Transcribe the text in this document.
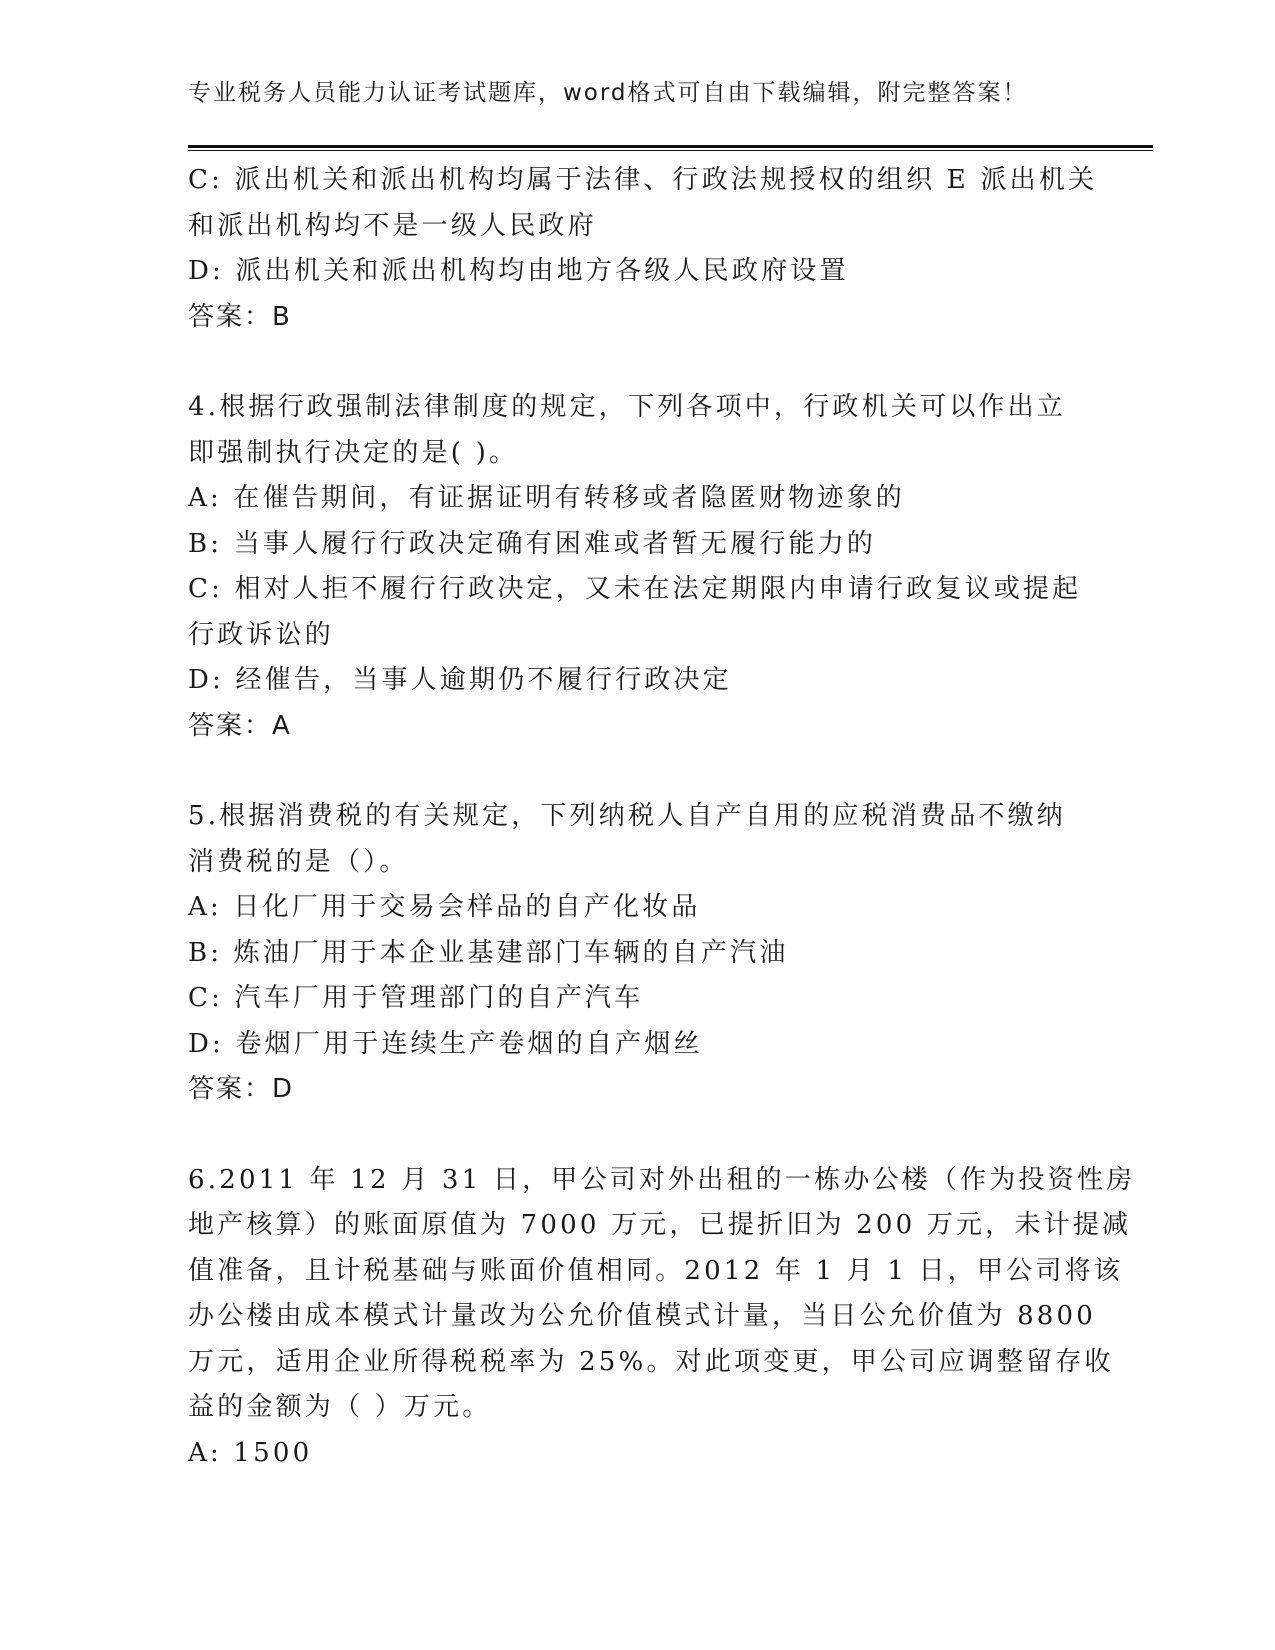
专业税务人员能力认证考试题库，word格式可自由下载编辑，附完整答案！
C: 派出机关和派出机构均属于法律、行政法规授权的组织 E 派出机关
和派出机构均不是一级人民政府
D: 派出机关和派出机构均由地方各级人民政府设置
答案：B
4.根据行政强制法律制度的规定，下列各项中，行政机关可以作出立
即强制执行决定的是( )。
A: 在催告期间，有证据证明有转移或者隐匿财物迹象的
B: 当事人履行行政决定确有困难或者暂无履行能力的
C: 相对人拒不履行行政决定，又未在法定期限内申请行政复议或提起
行政诉讼的
D: 经催告，当事人逾期仍不履行行政决定
答案：A
5.根据消费税的有关规定，下列纳税人自产自用的应税消费品不缴纳
消费税的是（）。
A: 日化厂用于交易会样品的自产化妆品
B: 炼油厂用于本企业基建部门车辆的自产汽油
C: 汽车厂用于管理部门的自产汽车
D: 卷烟厂用于连续生产卷烟的自产烟丝
答案：D
6.2011 年 12 月 31 日，甲公司对外出租的一栋办公楼（作为投资性房
地产核算）的账面原值为 7000 万元，已提折旧为 200 万元，未计提减
值准备，且计税基础与账面价值相同。2012 年 1 月 1 日，甲公司将该
办公楼由成本模式计量改为公允价值模式计量，当日公允价值为 8800
万元，适用企业所得税税率为 25%。对此项变更，甲公司应调整留存收
益的金额为（ ）万元。
A: 1500
